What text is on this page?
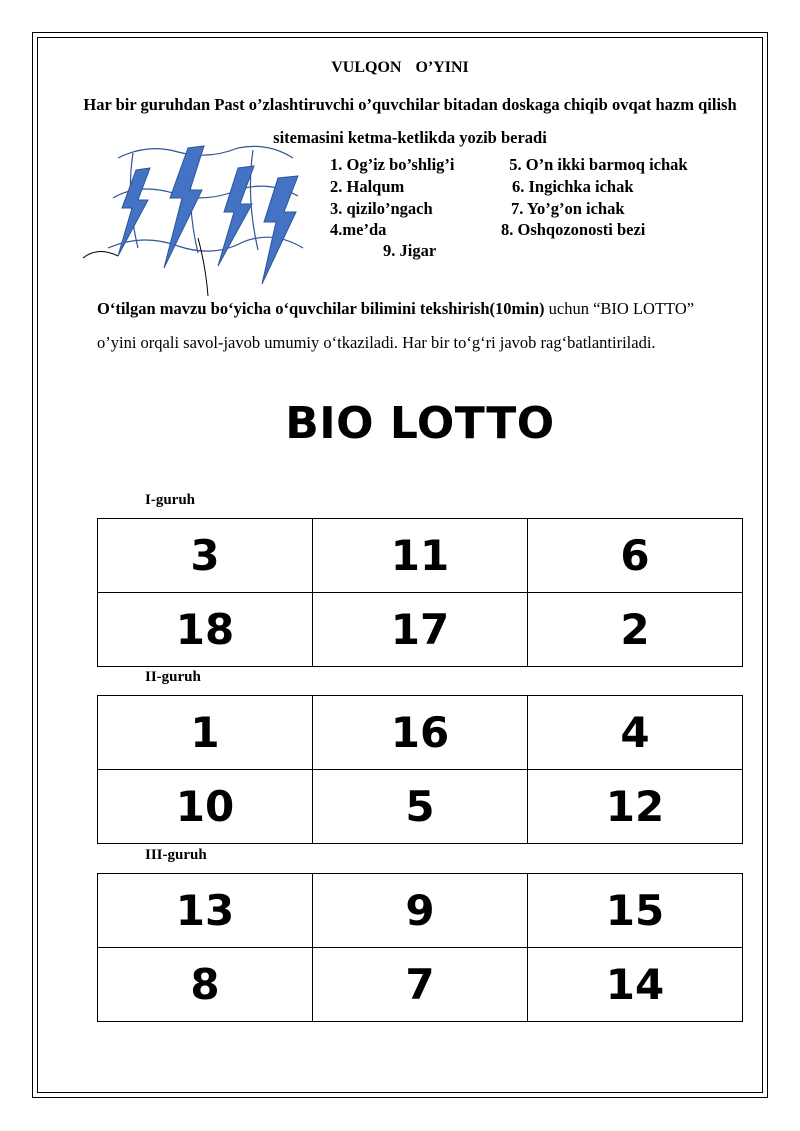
VULQON O’YINI
Har bir guruhdan Past o’zlashtiruvchi o’quvchilar bitadan doskaga chiqib ovqat hazm qilish sitemasini ketma-ketlikda yozib beradi
1. Og’iz bo’shlig’i
2. Halqum
3. qizilo’ngach
4.me’da
5. O’n ikki barmoq ichak
6. Ingichka ichak
7. Yo’g’on ichak
8. Oshqozonosti bezi
9. Jigar
O‘tilgan mavzu bo‘yicha o‘quvchilar bilimini tekshirish(10min) uchun “BIO LOTTO” o’yini orqali savol-javob umumiy o‘tkaziladi. Har bir to‘g‘ri javob rag‘batlantiriladi.
BIO LOTTO
I-guruh
3	11	6
18	17	2
II-guruh
1	16	4
10	5	12
III-guruh
13	9	15
8	7	14
